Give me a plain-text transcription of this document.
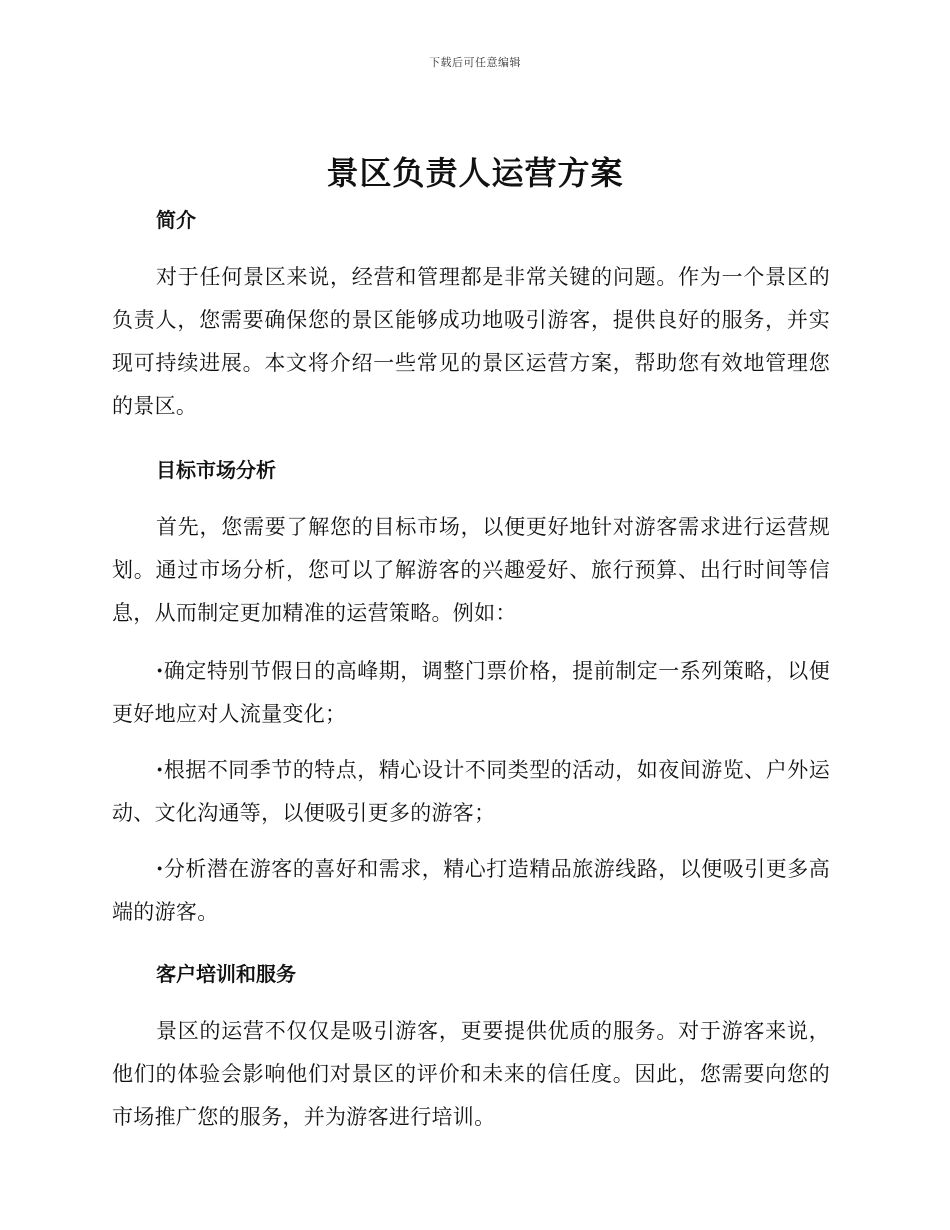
下载后可任意编辑
景区负责人运营方案
简介

对于任何景区来说，经营和管理都是非常关键的问题。作为一个景区的负责人，您需要确保您的景区能够成功地吸引游客，提供良好的服务，并实现可持续进展。本文将介绍一些常见的景区运营方案，帮助您有效地管理您的景区。

目标市场分析

首先，您需要了解您的目标市场，以便更好地针对游客需求进行运营规划。通过市场分析，您可以了解游客的兴趣爱好、旅行预算、出行时间等信息，从而制定更加精准的运营策略。例如：

·确定特别节假日的高峰期，调整门票价格，提前制定一系列策略，以便更好地应对人流量变化；

·根据不同季节的特点，精心设计不同类型的活动，如夜间游览、户外运动、文化沟通等，以便吸引更多的游客；

·分析潜在游客的喜好和需求，精心打造精品旅游线路，以便吸引更多高端的游客。

客户培训和服务

景区的运营不仅仅是吸引游客，更要提供优质的服务。对于游客来说，他们的体验会影响他们对景区的评价和未来的信任度。因此，您需要向您的市场推广您的服务，并为游客进行培训。
